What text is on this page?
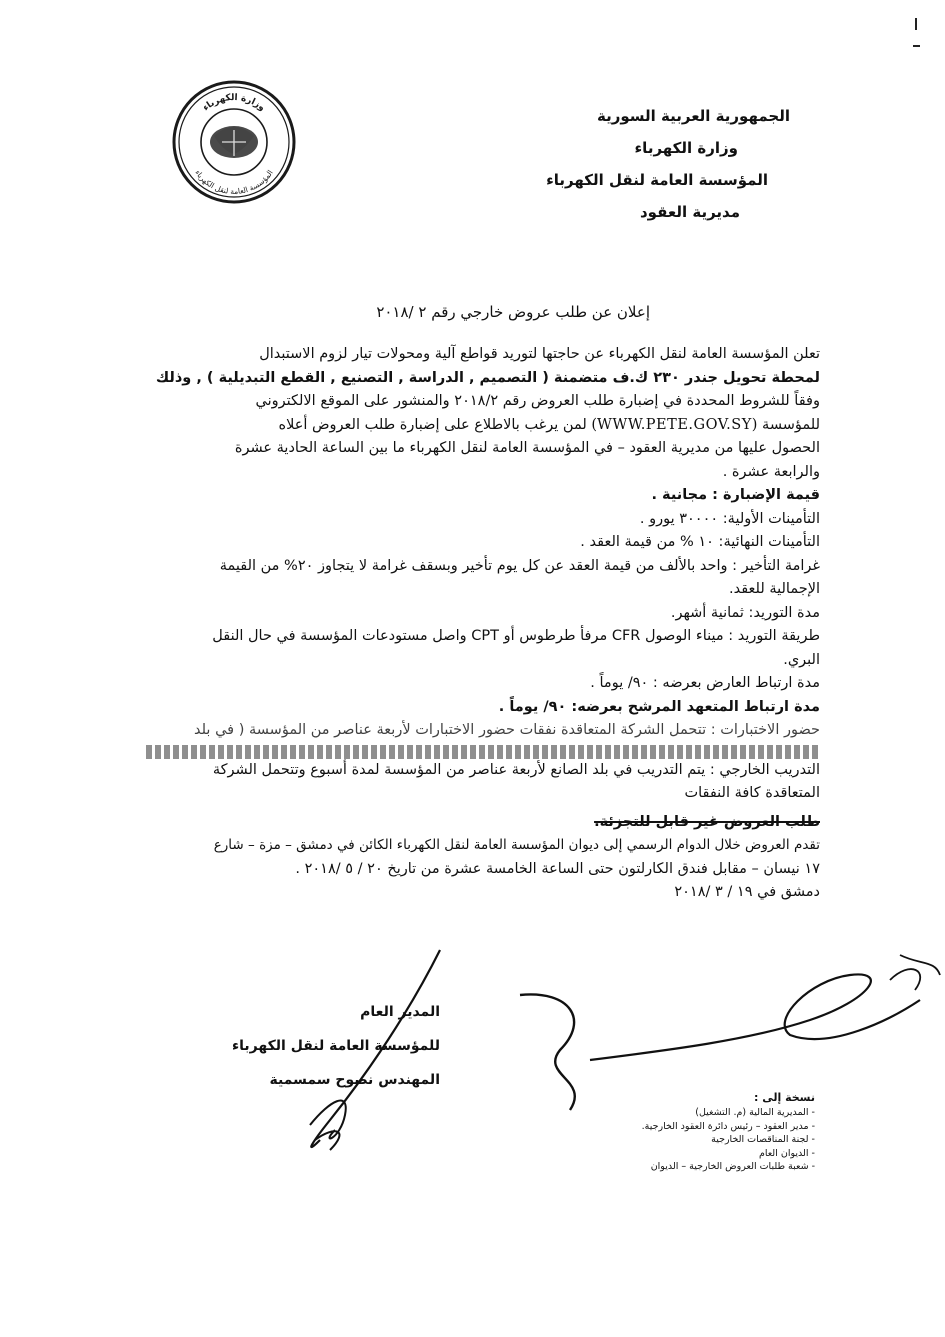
وزارة الكهرباء
المؤسسة العامة لنقل الكهرباء
الجمهورية العربية السورية
وزارة الكهرباء
المؤسسة العامة لنقل الكهرباء
مديرية العقود
إعلان عن طلب عروض خارجي رقم ٢ /٢٠١٨
تعلن المؤسسة العامة لنقل الكهرباء عن حاجتها لتوريد قواطع آلية ومحولات تيار لزوم الاستبدال
لمحطة تحويل جندر ٢٣٠ ك.ف متضمنة ( التصميم , الدراسة , التصنيع , القطع التبديلية ) , وذلك
وفقاً للشروط المحددة في إضبارة طلب العروض رقم ٢٠١٨/٢ والمنشور على الموقع الالكتروني
للمؤسسة (WWW.PETE.GOV.SY) لمن يرغب بالاطلاع على إضبارة طلب العروض أعلاه
الحصول عليها من مديرية العقود – في المؤسسة العامة لنقل الكهرباء ما بين الساعة الحادية عشرة
والرابعة عشرة .
قيمة الإضبارة : مجانية .
التأمينات الأولية: ٣٠٠٠٠ يورو .
التأمينات النهائية: ١٠ % من قيمة العقد .
غرامة التأخير : واحد بالألف من قيمة العقد عن كل يوم تأخير وبسقف غرامة لا يتجاوز ٢٠% من القيمة
الإجمالية للعقد.
مدة التوريد: ثمانية أشهر.
طريقة التوريد : ميناء الوصول CFR مرفأ طرطوس أو CPT واصل مستودعات المؤسسة في حال النقل
البري.
مدة ارتباط العارض بعرضه : ٩٠/ يوماً .
مدة ارتباط المتعهد المرشح بعرضه: ٩٠/ يوماً .
حضور الاختبارات : تتحمل الشركة المتعاقدة نفقات حضور الاختبارات لأربعة عناصر من المؤسسة ( في بلد
التدريب الخارجي : يتم التدريب في بلد الصانع لأربعة عناصر من المؤسسة لمدة أسبوع وتتحمل الشركة
المتعاقدة كافة النفقات
طلب العروض غير قابل للتجزئة.
تقدم العروض خلال الدوام الرسمي إلى ديوان المؤسسة العامة لنقل الكهرباء الكائن في دمشق – مزة – شارع
١٧ نيسان – مقابل فندق الكارلتون حتى الساعة الخامسة عشرة من تاريخ ٢٠ / ٥ /٢٠١٨ .
دمشق في ١٩ / ٣ /٢٠١٨
المدير العام
للمؤسسة العامة لنقل الكهرباء
المهندس نصوح سمسمية
نسخة إلى :
- المديرية المالية (م. التشغيل)
- مدير العقود – رئيس دائرة العقود الخارجية.
- لجنة المناقصات الخارجية
- الديوان العام
- شعبة طلبات العروض الخارجية – الديوان
